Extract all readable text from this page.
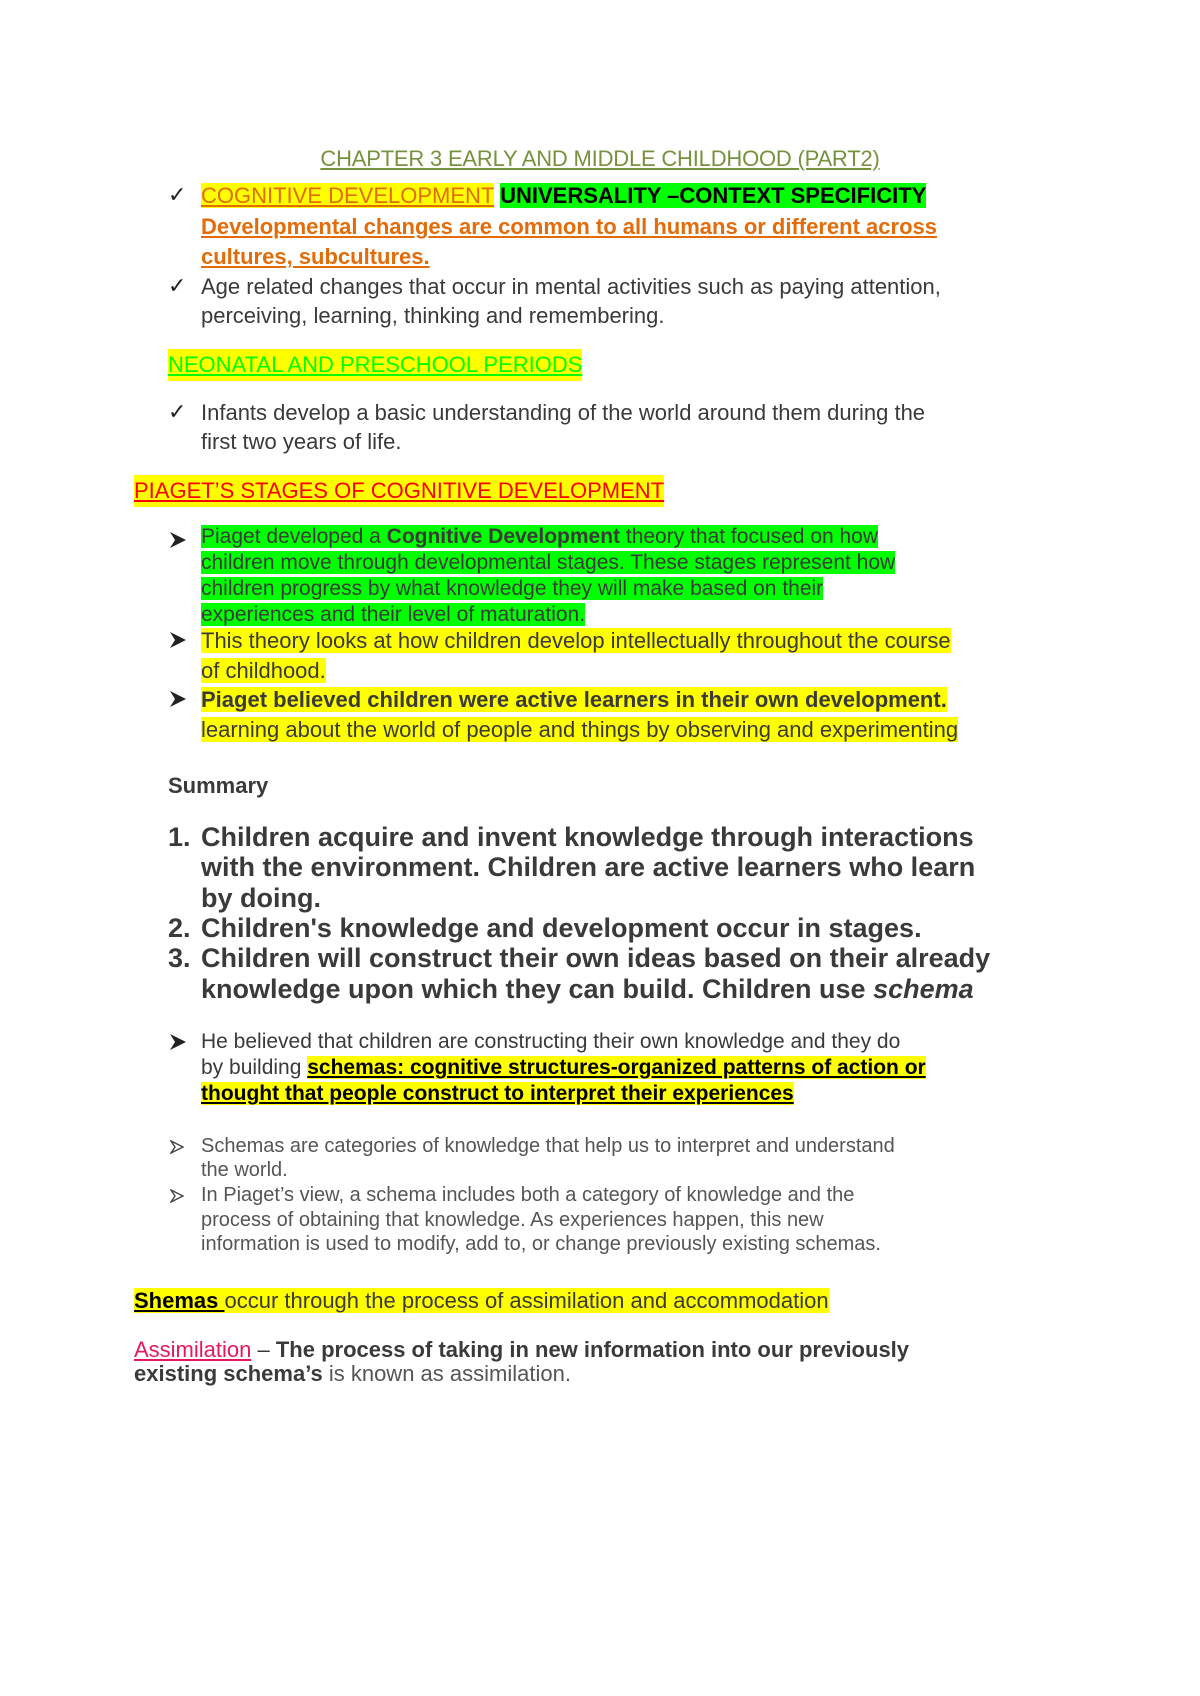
CHAPTER 3 EARLY AND MIDDLE CHILDHOOD (PART2)
✓ COGNITIVE DEVELOPMENT UNIVERSALITY –CONTEXT SPECIFICITY
Developmental changes are common to all humans or different across
cultures, subcultures.
✓ Age related changes that occur in mental activities such as paying attention,
perceiving, learning, thinking and remembering.
NEONATAL AND PRESCHOOL PERIODS
✓ Infants develop a basic understanding of the world around them during the
first two years of life.
PIAGET’S STAGES OF COGNITIVE DEVELOPMENT
Piaget developed a Cognitive Development theory that focused on how
children move through developmental stages. These stages represent how
children progress by what knowledge they will make based on their
experiences and their level of maturation.
This theory looks at how children develop intellectually throughout the course
of childhood.
Piaget believed children were active learners in their own development.
learning about the world of people and things by observing and experimenting
Summary
1. Children acquire and invent knowledge through interactions
with the environment. Children are active learners who learn
by doing.
2. Children's knowledge and development occur in stages.
3. Children will construct their own ideas based on their already
knowledge upon which they can build. Children use schema
He believed that children are constructing their own knowledge and they do
by building schemas: cognitive structures-organized patterns of action or
thought that people construct to interpret their experiences
Schemas are categories of knowledge that help us to interpret and understand
the world.
In Piaget’s view, a schema includes both a category of knowledge and the
process of obtaining that knowledge. As experiences happen, this new
information is used to modify, add to, or change previously existing schemas.
Shemas occur through the process of assimilation and accommodation
Assimilation – The process of taking in new information into our previously
existing schema’s is known as assimilation.
